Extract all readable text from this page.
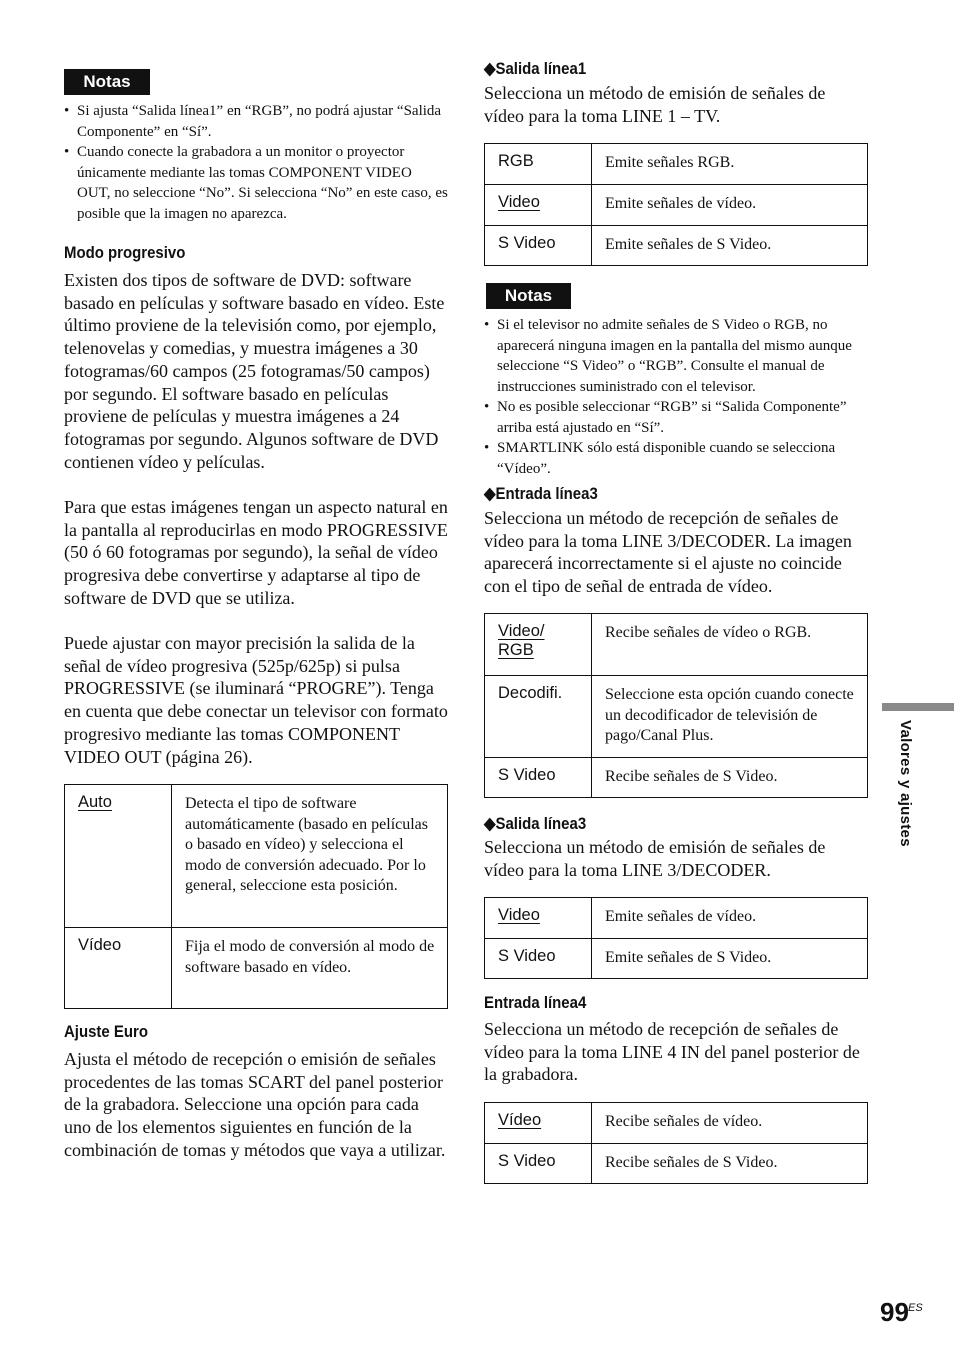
Notas
• Si ajusta “Salida línea1” en “RGB”, no podrá ajustar “Salida Componente” en “Sí”.
• Cuando conecte la grabadora a un monitor o proyector únicamente mediante las tomas COMPONENT VIDEO OUT, no seleccione “No”. Si selecciona “No” en este caso, es posible que la imagen no aparezca.
Modo progresivo

Existen dos tipos de software de DVD: software basado en películas y software basado en vídeo. Este último proviene de la televisión como, por ejemplo, telenovelas y comedias, y muestra imágenes a 30 fotogramas/60 campos (25 fotogramas/50 campos) por segundo. El software basado en películas proviene de películas y muestra imágenes a 24 fotogramas por segundo. Algunos software de DVD contienen vídeo y películas.

Para que estas imágenes tengan un aspecto natural en la pantalla al reproducirlas en modo PROGRESSIVE (50 ó 60 fotogramas por segundo), la señal de vídeo progresiva debe convertirse y adaptarse al tipo de software de DVD que se utiliza.

Puede ajustar con mayor precisión la salida de la señal de vídeo progresiva (525p/625p) si pulsa PROGRESSIVE (se iluminará “PROGRE”). Tenga en cuenta que debe conectar un televisor con formato progresivo mediante las tomas COMPONENT VIDEO OUT (página 26).

Auto	Detecta el tipo de software automáticamente (basado en películas o basado en vídeo) y selecciona el modo de conversión adecuado. Por lo general, seleccione esta posición.
Vídeo	Fija el modo de conversión al modo de software basado en vídeo.
Ajuste Euro

Ajusta el método de recepción o emisión de señales procedentes de las tomas SCART del panel posterior de la grabadora. Seleccione una opción para cada uno de los elementos siguientes en función de la combinación de tomas y métodos que vaya a utilizar.

◆Salida línea1

Selecciona un método de emisión de señales de vídeo para la toma LINE 1 – TV.

RGB	Emite señales RGB.
Video	Emite señales de vídeo.
S Video	Emite señales de S Video.
Notas
• Si el televisor no admite señales de S Video o RGB, no aparecerá ninguna imagen en la pantalla del mismo aunque seleccione “S Video” o “RGB”. Consulte el manual de instrucciones suministrado con el televisor.
• No es posible seleccionar “RGB” si “Salida Componente” arriba está ajustado en “Sí”.
• SMARTLINK sólo está disponible cuando se selecciona “Vídeo”.
◆Entrada línea3

Selecciona un método de recepción de señales de vídeo para la toma LINE 3/DECODER. La imagen aparecerá incorrectamente si el ajuste no coincide con el tipo de señal de entrada de vídeo.

Video/
RGB	Recibe señales de vídeo o RGB.
Decodifi.	Seleccione esta opción cuando conecte un decodificador de televisión de pago/Canal Plus.
S Video	Recibe señales de S Video.
◆Salida línea3

Selecciona un método de emisión de señales de vídeo para la toma LINE 3/DECODER.

Video	Emite señales de vídeo.
S Video	Emite señales de S Video.
Entrada línea4

Selecciona un método de recepción de señales de vídeo para la toma LINE 4 IN del panel posterior de la grabadora.

Vídeo	Recibe señales de vídeo.
S Video	Recibe señales de S Video.
Valores y ajustes
99 ES
